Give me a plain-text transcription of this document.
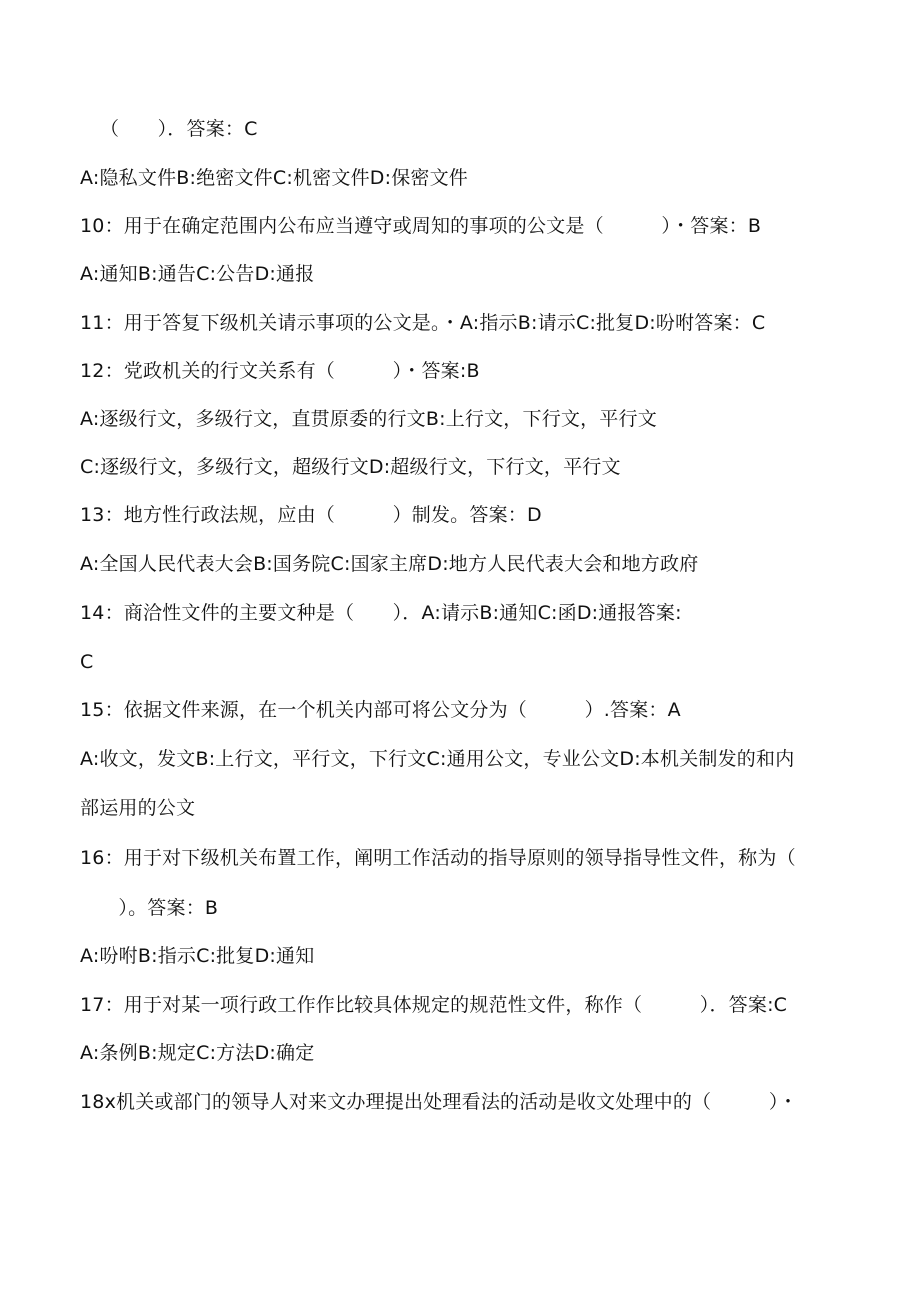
（　　）．答案：C
A:隐私文件B:绝密文件C:机密文件D:保密文件
10：用于在确定范围内公布应当遵守或周知的事项的公文是（　　　）・答案：B
A:通知B:通告C:公告D:通报
11：用于答复下级机关请示事项的公文是。・A:指示B:请示C:批复D:吩咐答案：C
12：党政机关的行文关系有（　　　）・答案:B
A:逐级行文，多级行文，直贯原委的行文B:上行文，下行文，平行文
C:逐级行文，多级行文，超级行文D:超级行文，下行文，平行文
13：地方性行政法规，应由（　　　）制发。答案：D
A:全国人民代表大会B:国务院C:国家主席D:地方人民代表大会和地方政府
14：商洽性文件的主要文种是（　　）．A:请示B:通知C:函D:通报答案:
C
15：依据文件来源，在一个机关内部可将公文分为（　　　）.答案：A
A:收文，发文B:上行文，平行文，下行文C:通用公文，专业公文D:本机关制发的和内
部运用的公文
16：用于对下级机关布置工作，阐明工作活动的指导原则的领导指导性文件，称为（
　　）。答案：B
A:吩咐B:指示C:批复D:通知
17：用于对某一项行政工作作比较具体规定的规范性文件，称作（　　　）．答案:C
A:条例B:规定C:方法D:确定
18x机关或部门的领导人对来文办理提出处理看法的活动是收文处理中的（　　　）・
